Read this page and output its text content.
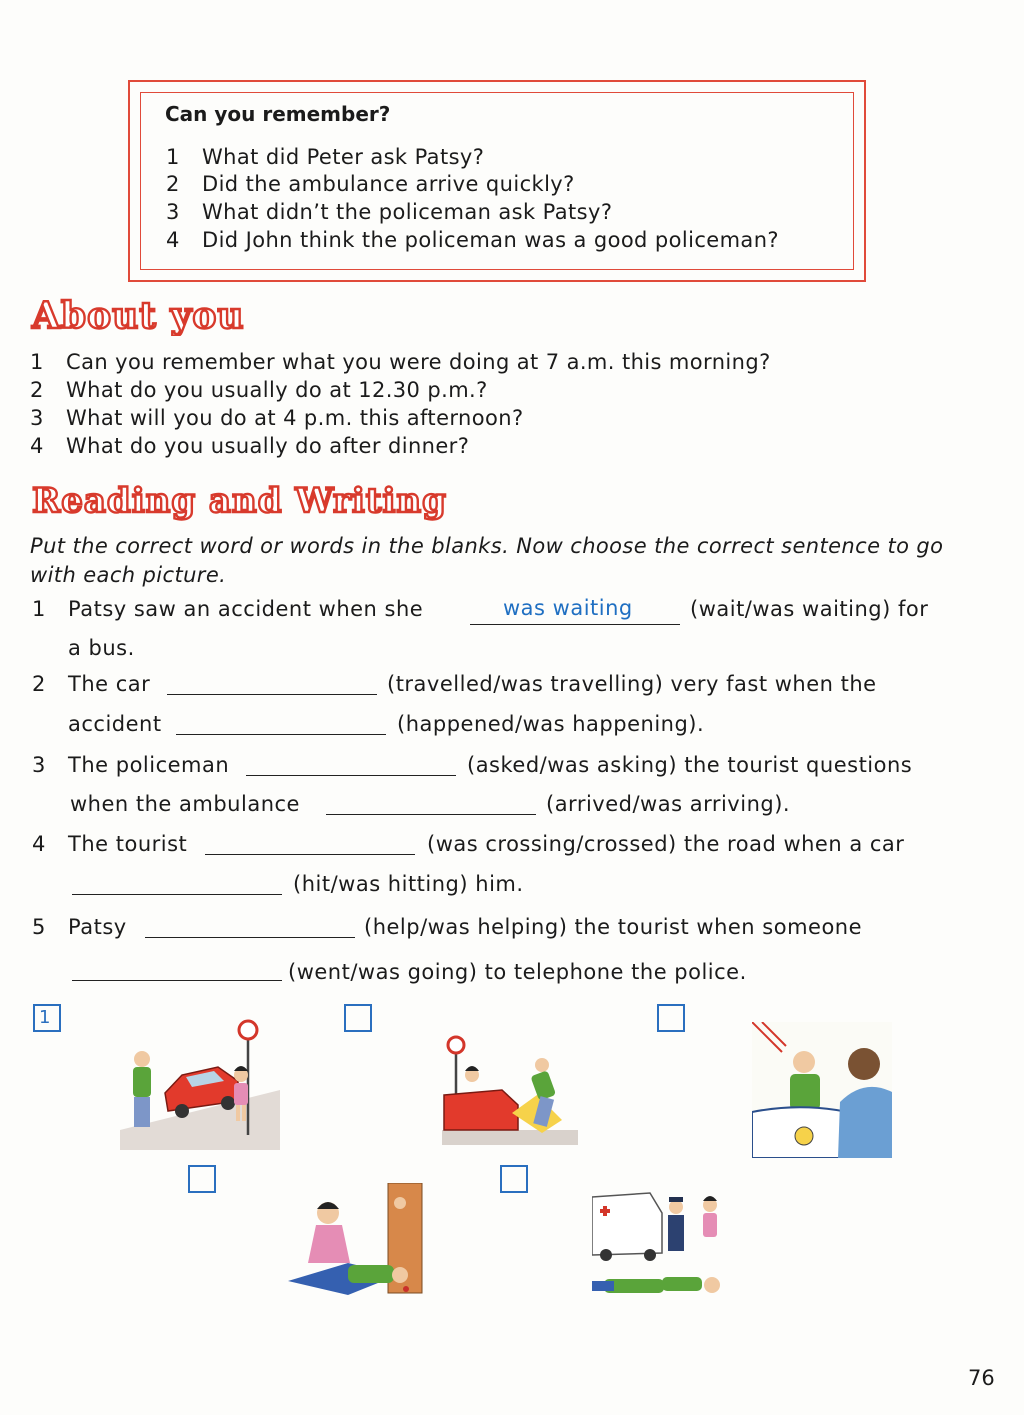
Can you remember?
1 What did Peter ask Patsy?
2 Did the ambulance arrive quickly?
3 What didn’t the policeman ask Patsy?
4 Did John think the policeman was a good policeman?
About you
1 Can you remember what you were doing at 7 a.m. this morning?
2 What do you usually do at 12.30 p.m.?
3 What will you do at 4 p.m. this afternoon?
4 What do you usually do after dinner?
Reading and Writing
Put the correct word or words in the blanks. Now choose the correct sentence to go with each picture.
1 Patsy saw an accident when she	was waiting	(wait/was waiting) for
a bus.
2 The car	(travelled/was travelling) very fast when the
accident	(happened/was happening).
3 The policeman	(asked/was asking) the tourist questions
when the ambulance	(arrived/was arriving).
4 The tourist	(was crossing/crossed) the road when a car
(hit/was hitting) him.
5 Patsy	(help/was helping) the tourist when someone
(went/was going) to telephone the police.
1
76
